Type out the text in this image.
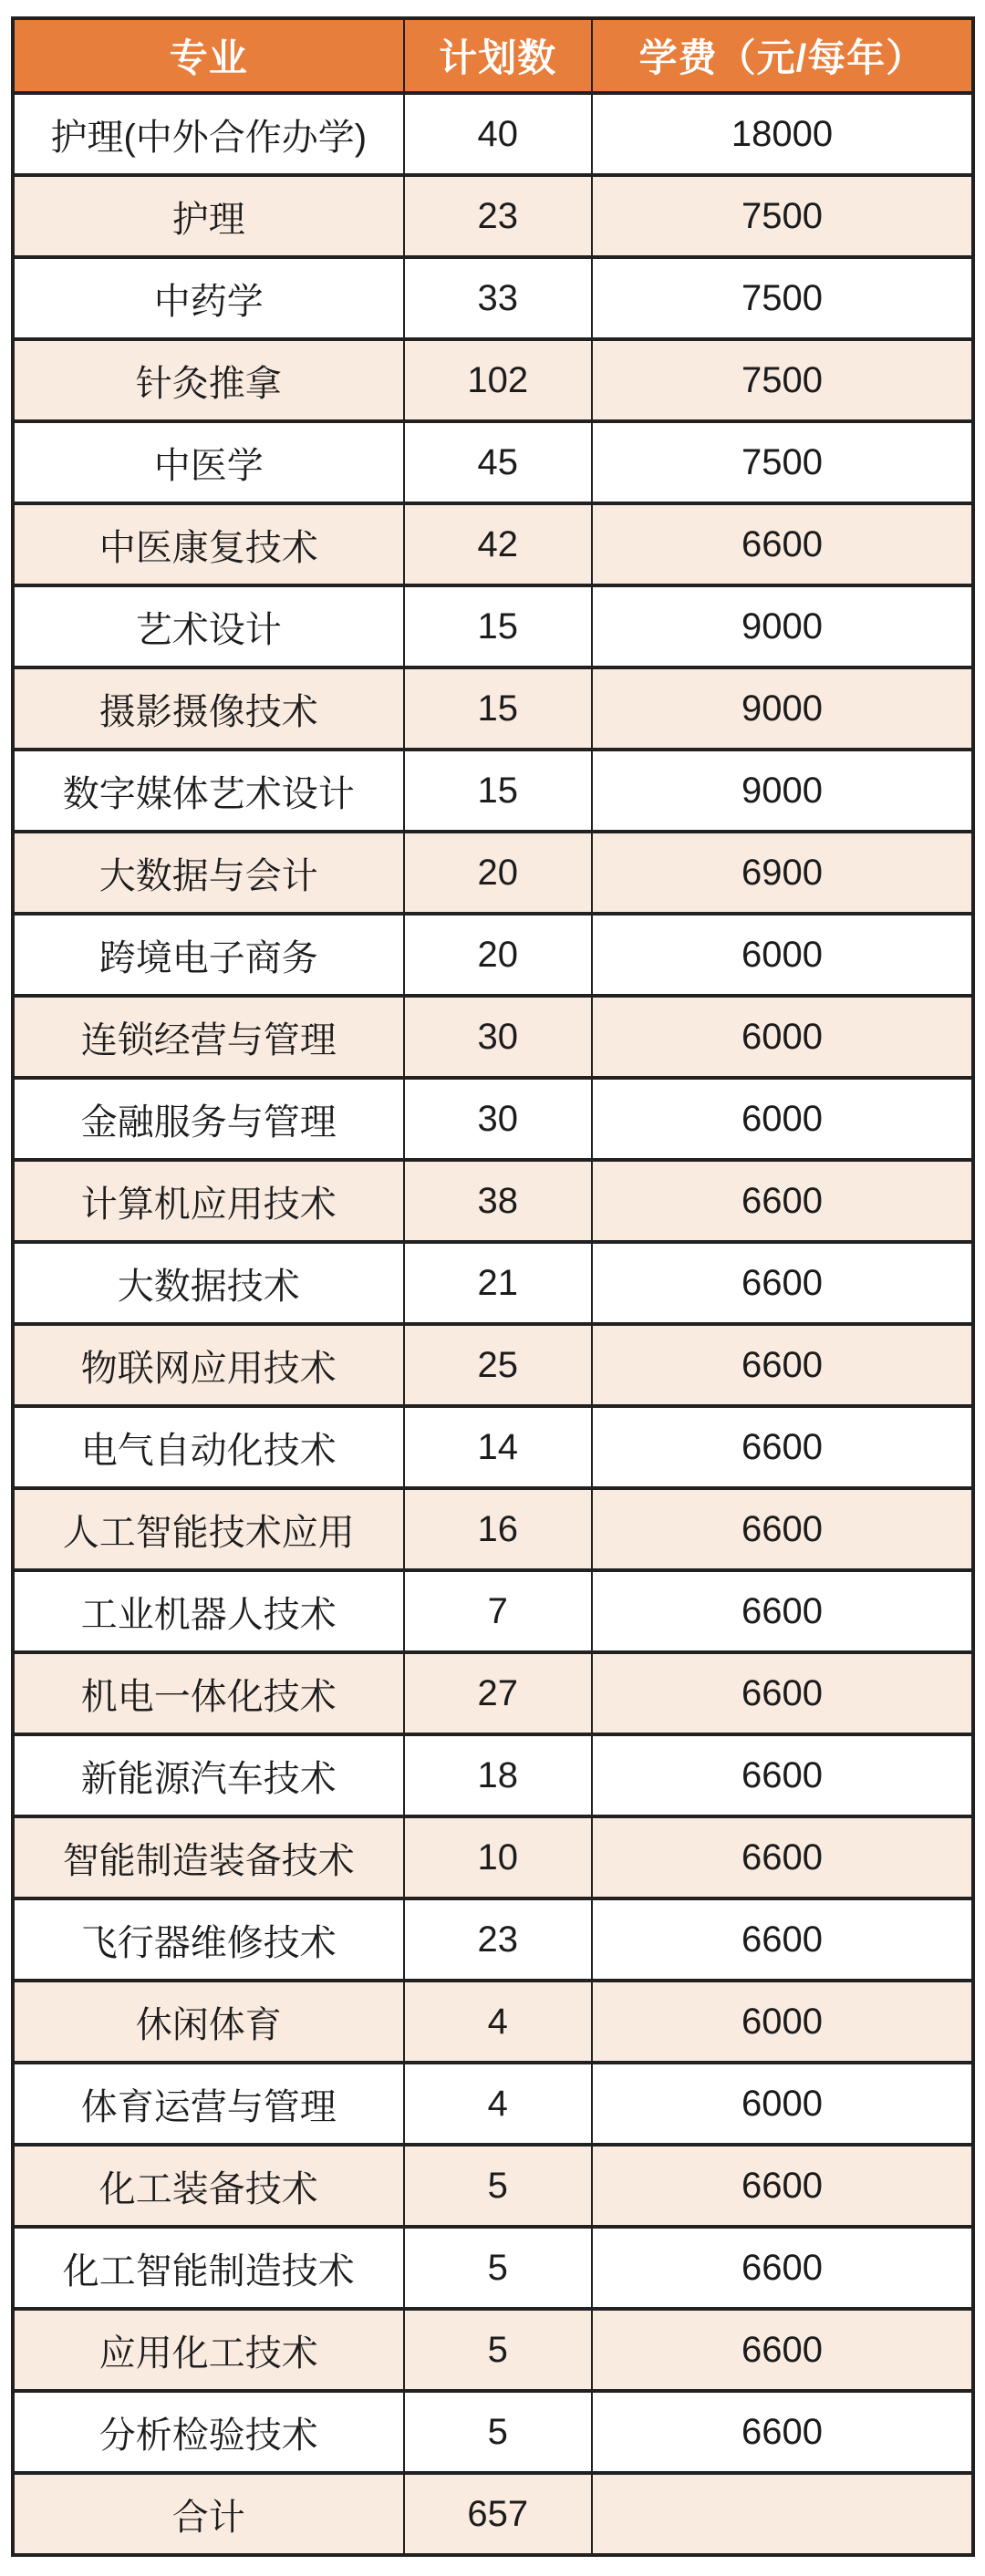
专业	计划数	学费（元/每年）
护理(中外合作办学)	40	18000
护理	23	7500
中药学	33	7500
针灸推拿	102	7500
中医学	45	7500
中医康复技术	42	6600
艺术设计	15	9000
摄影摄像技术	15	9000
数字媒体艺术设计	15	9000
大数据与会计	20	6900
跨境电子商务	20	6000
连锁经营与管理	30	6000
金融服务与管理	30	6000
计算机应用技术	38	6600
大数据技术	21	6600
物联网应用技术	25	6600
电气自动化技术	14	6600
人工智能技术应用	16	6600
工业机器人技术	7	6600
机电一体化技术	27	6600
新能源汽车技术	18	6600
智能制造装备技术	10	6600
飞行器维修技术	23	6600
休闲体育	4	6000
体育运营与管理	4	6000
化工装备技术	5	6600
化工智能制造技术	5	6600
应用化工技术	5	6600
分析检验技术	5	6600
合计	657	
